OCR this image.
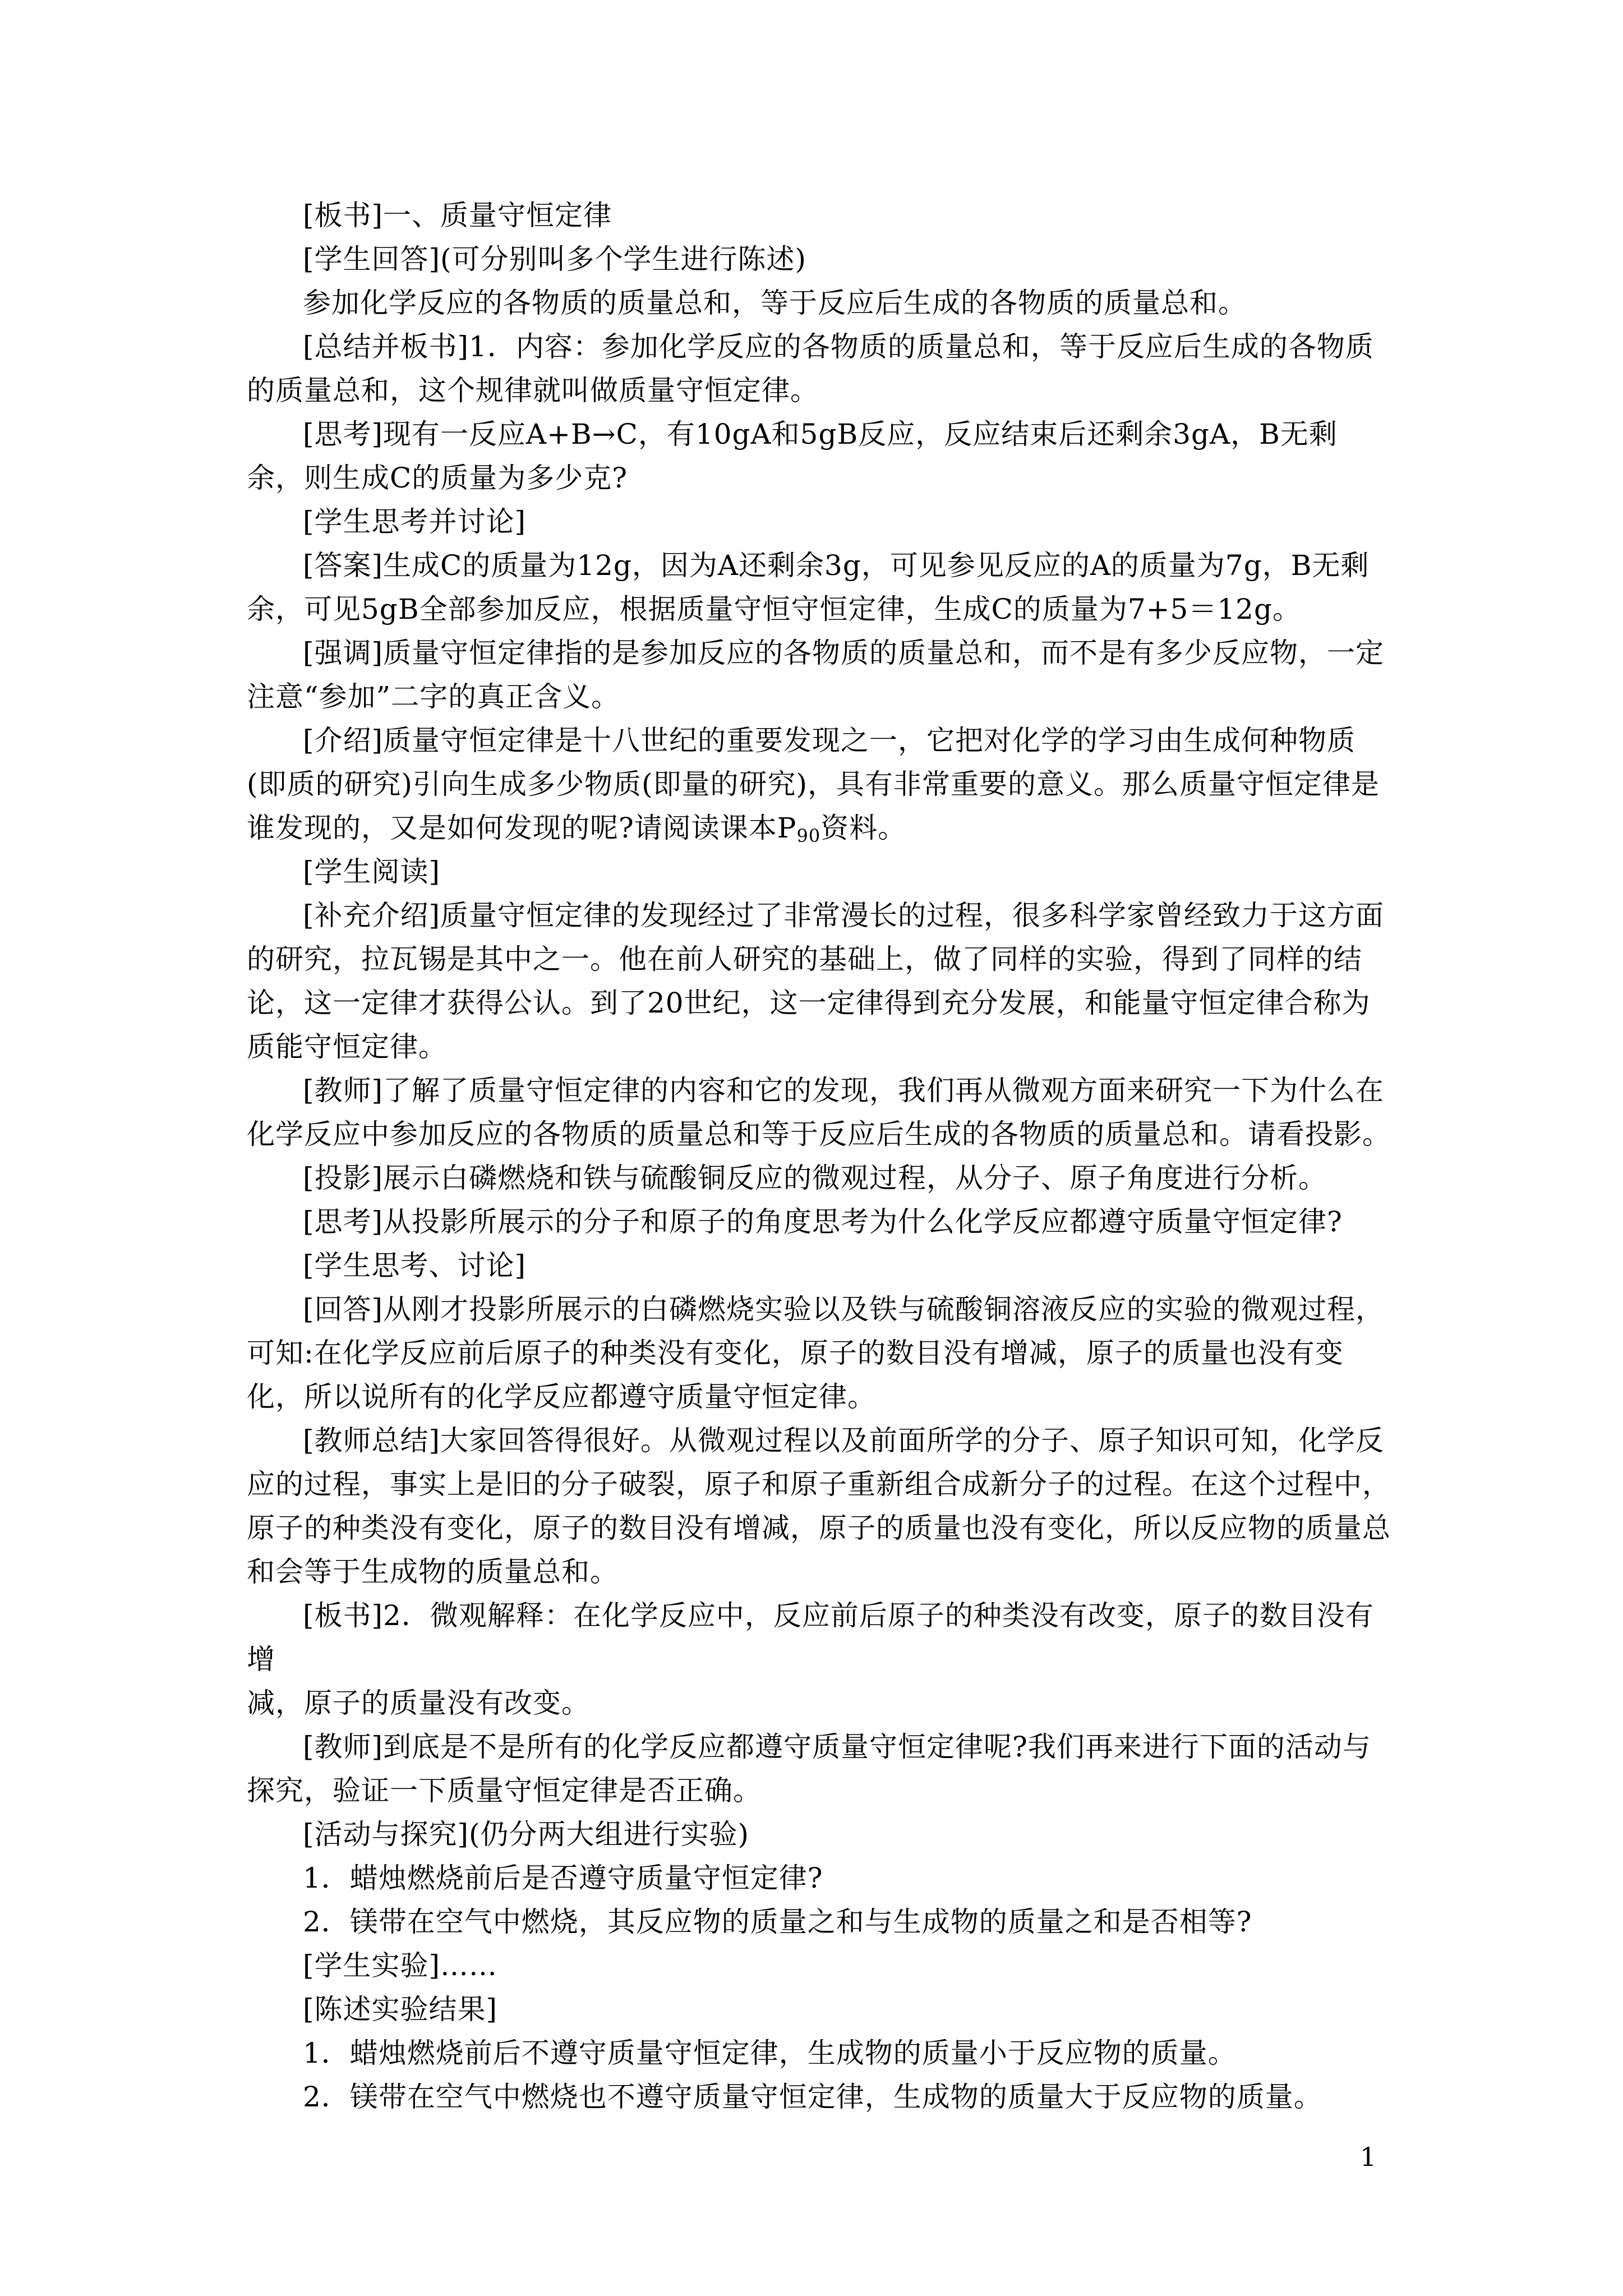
[板书]一、质量守恒定律

[学生回答](可分别叫多个学生进行陈述)

参加化学反应的各物质的质量总和，等于反应后生成的各物质的质量总和。

[总结并板书]1．内容：参加化学反应的各物质的质量总和，等于反应后生成的各物质的质量总和，这个规律就叫做质量守恒定律。

[思考]现有一反应A+B→C，有10gA和5gB反应，反应结束后还剩余3gA，B无剩余，则生成C的质量为多少克?

[学生思考并讨论]

[答案]生成C的质量为12g，因为A还剩余3g，可见参见反应的A的质量为7g，B无剩余，可见5gB全部参加反应，根据质量守恒守恒定律，生成C的质量为7+5＝12g。

[强调]质量守恒定律指的是参加反应的各物质的质量总和，而不是有多少反应物，一定注意“参加”二字的真正含义。

[介绍]质量守恒定律是十八世纪的重要发现之一，它把对化学的学习由生成何种物质(即质的研究)引向生成多少物质(即量的研究)，具有非常重要的意义。那么质量守恒定律是谁发现的，又是如何发现的呢?请阅读课本$P_{90}$资料。

[学生阅读]

[补充介绍]质量守恒定律的发现经过了非常漫长的过程，很多科学家曾经致力于这方面的研究，拉瓦锡是其中之一。他在前人研究的基础上，做了同样的实验，得到了同样的结论，这一定律才获得公认。到了20世纪，这一定律得到充分发展，和能量守恒定律合称为质能守恒定律。

[教师]了解了质量守恒定律的内容和它的发现，我们再从微观方面来研究一下为什么在化学反应中参加反应的各物质的质量总和等于反应后生成的各物质的质量总和。请看投影。

[投影]展示白磷燃烧和铁与硫酸铜反应的微观过程，从分子、原子角度进行分析。

[思考]从投影所展示的分子和原子的角度思考为什么化学反应都遵守质量守恒定律?

[学生思考、讨论]

[回答]从刚才投影所展示的白磷燃烧实验以及铁与硫酸铜溶液反应的实验的微观过程，可知:在化学反应前后原子的种类没有变化，原子的数目没有增减，原子的质量也没有变化，所以说所有的化学反应都遵守质量守恒定律。

[教师总结]大家回答得很好。从微观过程以及前面所学的分子、原子知识可知，化学反应的过程，事实上是旧的分子破裂，原子和原子重新组合成新分子的过程。在这个过程中，原子的种类没有变化，原子的数目没有增减，原子的质量也没有变化，所以反应物的质量总和会等于生成物的质量总和。

[板书]2．微观解释：在化学反应中，反应前后原子的种类没有改变，原子的数目没有增

减，原子的质量没有改变。

[教师]到底是不是所有的化学反应都遵守质量守恒定律呢?我们再来进行下面的活动与探究，验证一下质量守恒定律是否正确。

[活动与探究](仍分两大组进行实验)

1．蜡烛燃烧前后是否遵守质量守恒定律?

2．镁带在空气中燃烧，其反应物的质量之和与生成物的质量之和是否相等?

[学生实验]……

[陈述实验结果]

1．蜡烛燃烧前后不遵守质量守恒定律，生成物的质量小于反应物的质量。

2．镁带在空气中燃烧也不遵守质量守恒定律，生成物的质量大于反应物的质量。

1
